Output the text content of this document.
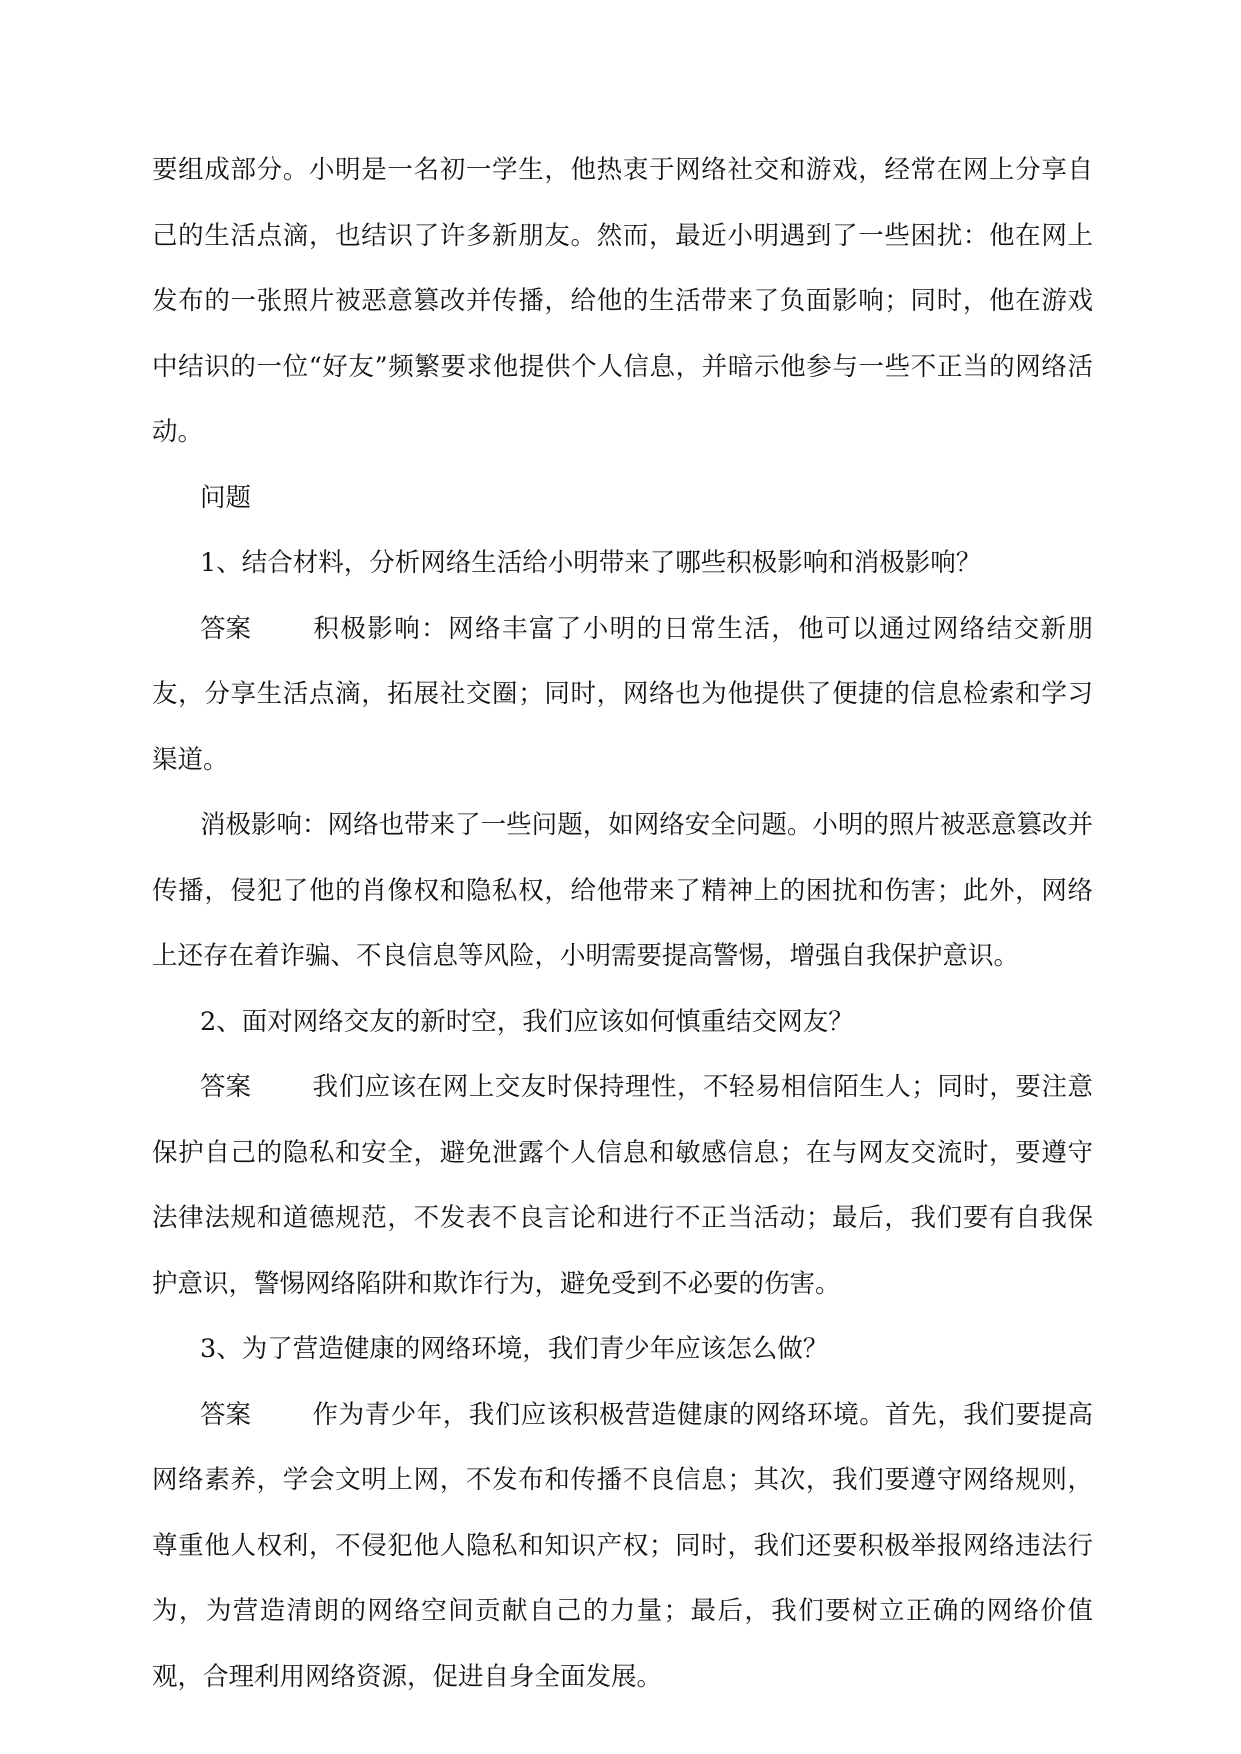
要组成部分。小明是一名初一学生，他热衷于网络社交和游戏，经常在网上分享自己的生活点滴，也结识了许多新朋友。然而，最近小明遇到了一些困扰：他在网上发布的一张照片被恶意篡改并传播，给他的生活带来了负面影响；同时，他在游戏中结识的一位“好友”频繁要求他提供个人信息，并暗示他参与一些不正当的网络活动。

问题

1、结合材料，分析网络生活给小明带来了哪些积极影响和消极影响？

答案 积极影响：网络丰富了小明的日常生活，他可以通过网络结交新朋友，分享生活点滴，拓展社交圈；同时，网络也为他提供了便捷的信息检索和学习渠道。

消极影响：网络也带来了一些问题，如网络安全问题。小明的照片被恶意篡改并传播，侵犯了他的肖像权和隐私权，给他带来了精神上的困扰和伤害；此外，网络上还存在着诈骗、不良信息等风险，小明需要提高警惕，增强自我保护意识。

2、面对网络交友的新时空，我们应该如何慎重结交网友？

答案 我们应该在网上交友时保持理性，不轻易相信陌生人；同时，要注意保护自己的隐私和安全，避免泄露个人信息和敏感信息；在与网友交流时，要遵守法律法规和道德规范，不发表不良言论和进行不正当活动；最后，我们要有自我保护意识，警惕网络陷阱和欺诈行为，避免受到不必要的伤害。

3、为了营造健康的网络环境，我们青少年应该怎么做？

答案 作为青少年，我们应该积极营造健康的网络环境。首先，我们要提高网络素养，学会文明上网，不发布和传播不良信息；其次，我们要遵守网络规则，尊重他人权利，不侵犯他人隐私和知识产权；同时，我们还要积极举报网络违法行为，为营造清朗的网络空间贡献自己的力量；最后，我们要树立正确的网络价值观，合理利用网络资源，促进自身全面发展。
